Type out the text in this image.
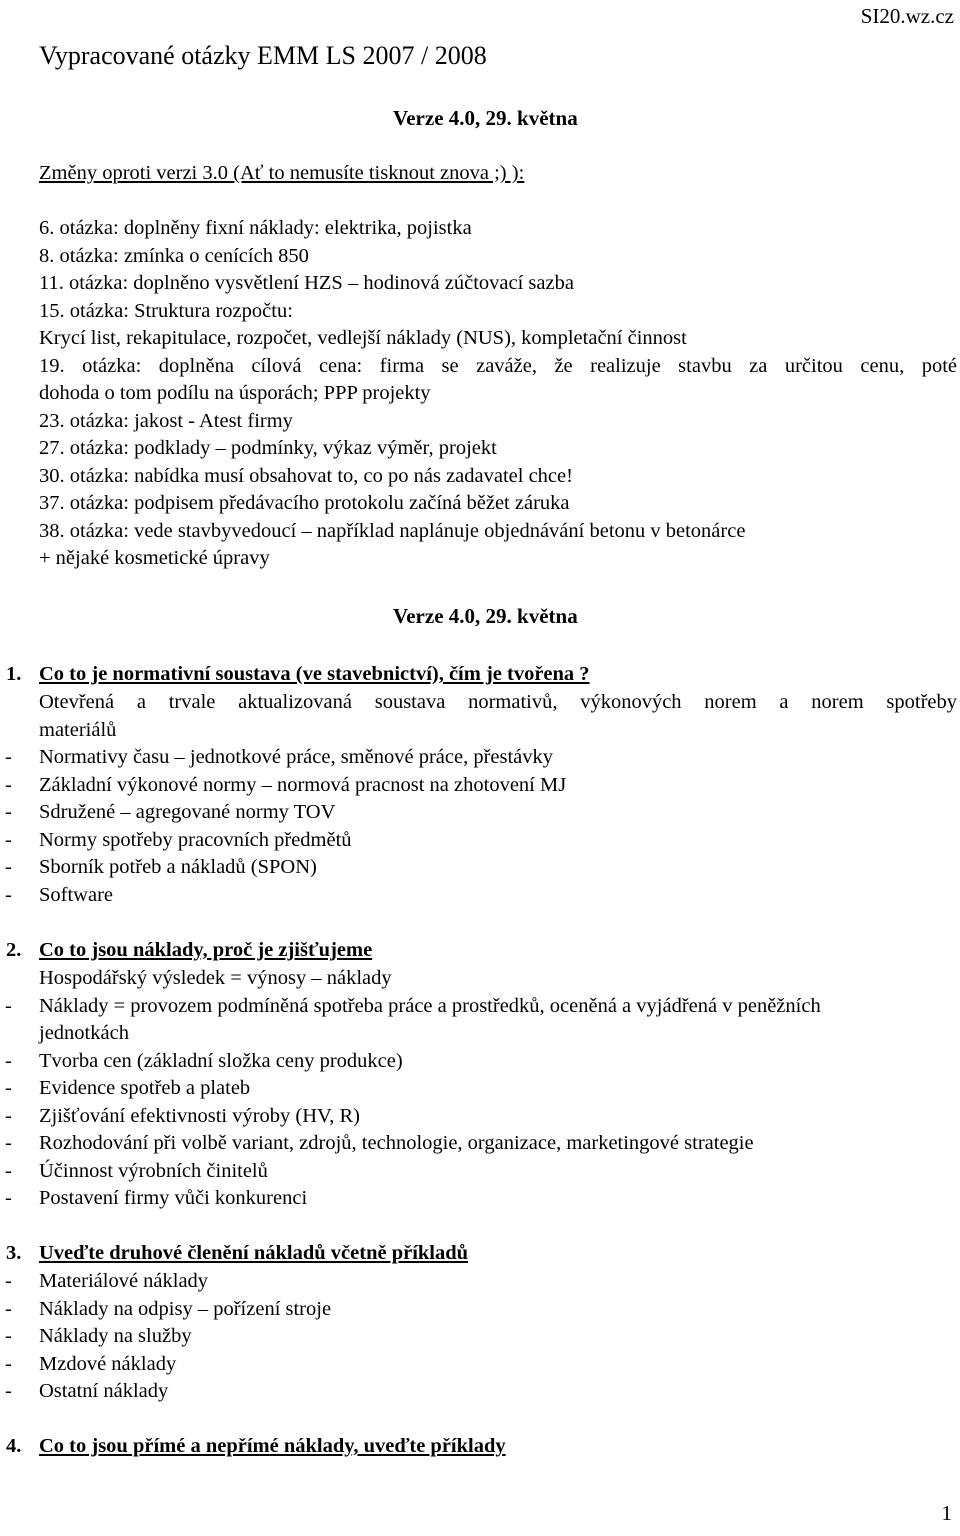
SI20.wz.cz
Vypracované otázky EMM LS 2007 / 2008
Verze 4.0, 29. května
Změny oproti verzi 3.0 (Ať to nemusíte tisknout znova ;) ):
6. otázka: doplněny fixní náklady: elektrika, pojistka
8. otázka: zmínka o cenících 850
11. otázka: doplněno vysvětlení HZS – hodinová zúčtovací sazba
15. otázka: Struktura rozpočtu:
Krycí list, rekapitulace, rozpočet, vedlejší náklady (NUS), kompletační činnost
19. otázka: doplněna cílová cena: firma se zaváže, že realizuje stavbu za určitou cenu, poté
dohoda o tom podílu na úsporách; PPP projekty
23. otázka: jakost - Atest firmy
27. otázka: podklady – podmínky, výkaz výměr, projekt
30. otázka: nabídka musí obsahovat to, co po nás zadavatel chce!
37. otázka: podpisem předávacího protokolu začíná běžet záruka
38. otázka: vede stavbyvedoucí – například naplánuje objednávání betonu v betonárce
+ nějaké kosmetické úpravy
Verze 4.0, 29. května
1. Co to je normativní soustava (ve stavebnictví), čím je tvořena ?
Otevřená a trvale aktualizovaná soustava normativů, výkonových norem a norem spotřeby
materiálů
- Normativy času – jednotkové práce, směnové práce, přestávky
- Základní výkonové normy – normová pracnost na zhotovení MJ
- Sdružené – agregované normy TOV
- Normy spotřeby pracovních předmětů
- Sborník potřeb a nákladů (SPON)
- Software
2. Co to jsou náklady, proč je zjišťujeme
Hospodářský výsledek = výnosy – náklady
- Náklady = provozem podmíněná spotřeba práce a prostředků, oceněná a vyjádřená v peněžních
jednotkách
- Tvorba cen (základní složka ceny produkce)
- Evidence spotřeb a plateb
- Zjišťování efektivnosti výroby (HV, R)
- Rozhodování při volbě variant, zdrojů, technologie, organizace, marketingové strategie
- Účinnost výrobních činitelů
- Postavení firmy vůči konkurenci
3. Uveďte druhové členění nákladů včetně příkladů
- Materiálové náklady
- Náklady na odpisy – pořízení stroje
- Náklady na služby
- Mzdové náklady
- Ostatní náklady
4. Co to jsou přímé a nepřímé náklady, uveďte příklady
1
